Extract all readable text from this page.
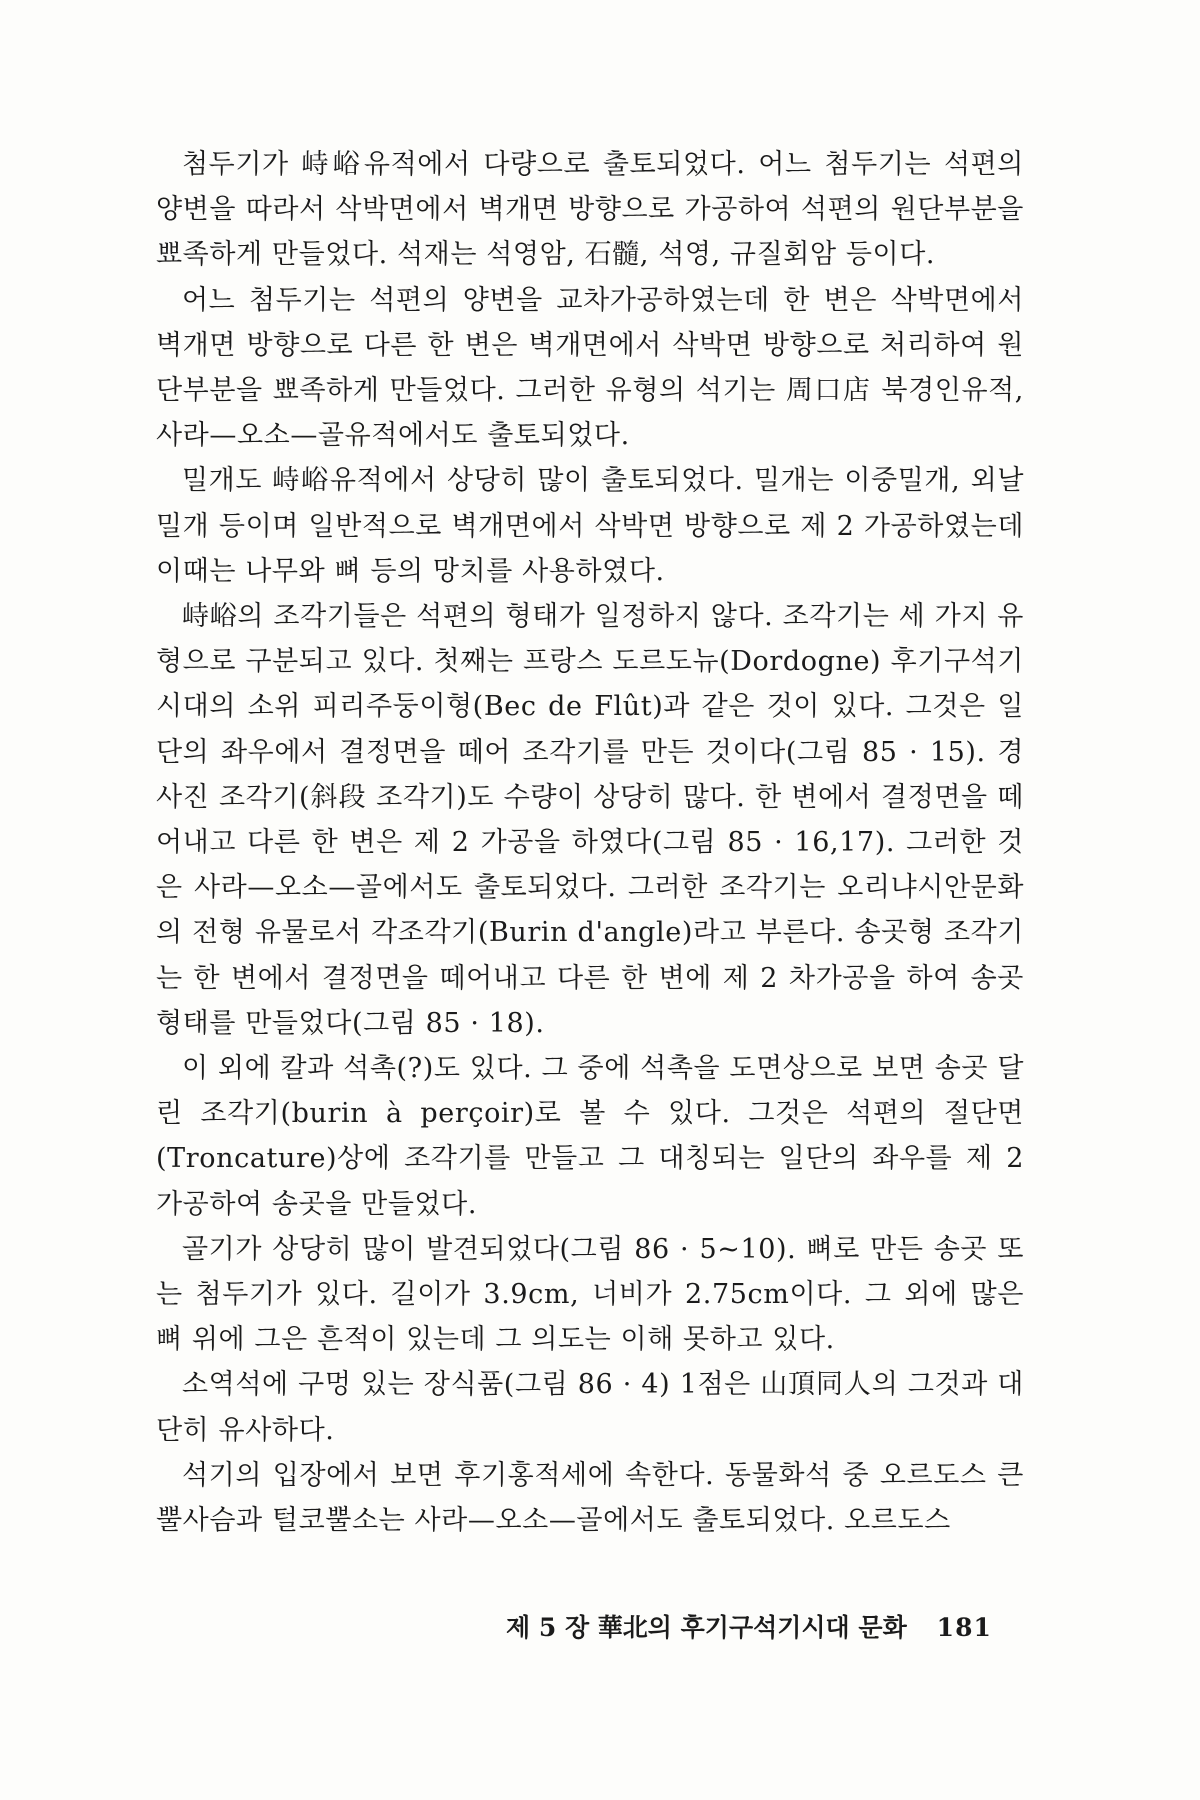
첨두기가 峙峪유적에서 다량으로 출토되었다. 어느 첨두기는 석편의 양변을 따라서 삭박면에서 벽개면 방향으로 가공하여 석편의 원단부분을 뾰족하게 만들었다. 석재는 석영암, 石髓, 석영, 규질회암 등이다.

어느 첨두기는 석편의 양변을 교차가공하였는데 한 변은 삭박면에서 벽개면 방향으로 다른 한 변은 벽개면에서 삭박면 방향으로 처리하여 원단부분을 뾰족하게 만들었다. 그러한 유형의 석기는 周口店 북경인유적, 사라—오소—골유적에서도 출토되었다.

밀개도 峙峪유적에서 상당히 많이 출토되었다. 밀개는 이중밀개, 외날밀개 등이며 일반적으로 벽개면에서 삭박면 방향으로 제 2 가공하였는데 이때는 나무와 뼈 등의 망치를 사용하였다.

峙峪의 조각기들은 석편의 형태가 일정하지 않다. 조각기는 세 가지 유형으로 구분되고 있다. 첫째는 프랑스 도르도뉴(Dordogne) 후기구석기시대의 소위 피리주둥이형(Bec de Flût)과 같은 것이 있다. 그것은 일단의 좌우에서 결정면을 떼어 조각기를 만든 것이다(그림 85 · 15). 경사진 조각기(斜段 조각기)도 수량이 상당히 많다. 한 변에서 결정면을 떼어내고 다른 한 변은 제 2 가공을 하였다(그림 85 · 16,17). 그러한 것은 사라—오소—골에서도 출토되었다. 그러한 조각기는 오리냐시안문화의 전형 유물로서 각조각기(Burin d'angle)라고 부른다. 송곳형 조각기는 한 변에서 결정면을 떼어내고 다른 한 변에 제 2 차가공을 하여 송곳 형태를 만들었다(그림 85 · 18).

이 외에 칼과 석촉(?)도 있다. 그 중에 석촉을 도면상으로 보면 송곳 달린 조각기(burin à perçoir)로 볼 수 있다. 그것은 석편의 절단면(Troncature)상에 조각기를 만들고 그 대칭되는 일단의 좌우를 제 2 가공하여 송곳을 만들었다.

골기가 상당히 많이 발견되었다(그림 86 · 5~10). 뼈로 만든 송곳 또는 첨두기가 있다. 길이가 3.9cm, 너비가 2.75cm이다. 그 외에 많은 뼈 위에 그은 흔적이 있는데 그 의도는 이해 못하고 있다.

소역석에 구멍 있는 장식품(그림 86 · 4) 1점은 山頂同人의 그것과 대단히 유사하다.

석기의 입장에서 보면 후기홍적세에 속한다. 동물화석 중 오르도스 큰뿔사슴과 털코뿔소는 사라—오소—골에서도 출토되었다. 오르도스

제 5 장 華北의 후기구석기시대 문화 181
